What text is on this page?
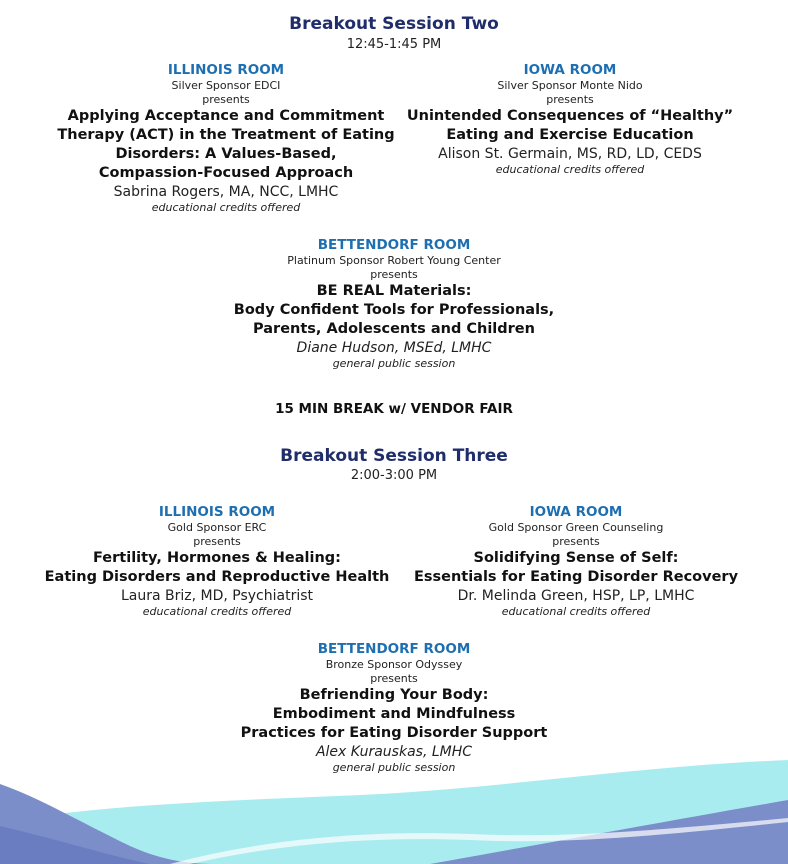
Breakout Session Two
12:45-1:45 PM
ILLINOIS ROOM
Silver Sponsor EDCI
presents
Applying Acceptance and Commitment
Therapy (ACT) in the Treatment of Eating
Disorders: A Values-Based,
Compassion-Focused Approach
Sabrina Rogers, MA, NCC, LMHC
educational credits offered
IOWA ROOM
Silver Sponsor Monte Nido
presents
Unintended Consequences of “Healthy”
Eating and Exercise Education
Alison St. Germain, MS, RD, LD, CEDS
educational credits offered
BETTENDORF ROOM
Platinum Sponsor Robert Young Center
presents
BE REAL Materials:
Body Confident Tools for Professionals,
Parents, Adolescents and Children
Diane Hudson, MSEd, LMHC
general public session
15 MIN BREAK w/ VENDOR FAIR
Breakout Session Three
2:00-3:00 PM
ILLINOIS ROOM
Gold Sponsor ERC
presents
Fertility, Hormones & Healing:
Eating Disorders and Reproductive Health
Laura Briz, MD, Psychiatrist
educational credits offered
IOWA ROOM
Gold Sponsor Green Counseling
presents
Solidifying Sense of Self:
Essentials for Eating Disorder Recovery
Dr. Melinda Green, HSP, LP, LMHC
educational credits offered
BETTENDORF ROOM
Bronze Sponsor Odyssey
presents
Befriending Your Body:
Embodiment and Mindfulness
Practices for Eating Disorder Support
Alex Kurauskas, LMHC
general public session
